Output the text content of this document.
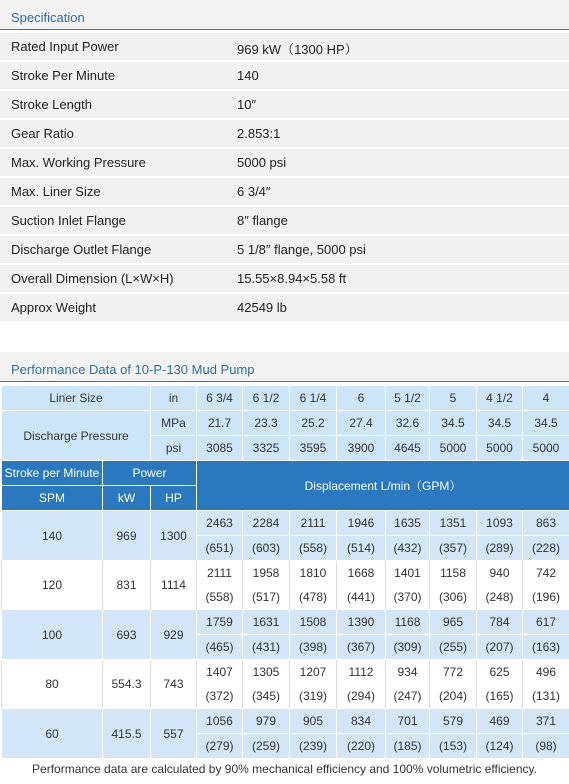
Specification
Rated Input Power	969 kW（1300 HP）
Stroke Per Minute	140
Stroke Length	10″
Gear Ratio	2.853:1
Max. Working Pressure	5000 psi
Max. Liner Size	6 3/4″
Suction Inlet Flange	8″ flange
Discharge Outlet Flange	5 1/8″ flange, 5000 psi
Overall Dimension (L×W×H)	15.55×8.94×5.58 ft
Approx Weight	42549 lb
Performance Data of 10-P-130 Mud Pump
Liner Size		in	6 3/4	6 1/2	6 1/4	6	5 1/2	5	4 1/2	4
Discharge Pressure		MPa	21.7	23.3	25.2	27.4	32.6	34.5	34.5	34.5
		psi	3085	3325	3595	3900	4645	5000	5000	5000
Stroke per Minute	Power		Displacement L/min（GPM）							
SPM	kW	HP								
140	969	1300	2463	2284	2111	1946	1635	1351	1093	863
			(651)	(603)	(558)	(514)	(432)	(357)	(289)	(228)
120	831	1114	2111	1958	1810	1668	1401	1158	940	742
			(558)	(517)	(478)	(441)	(370)	(306)	(248)	(196)
100	693	929	1759	1631	1508	1390	1168	965	784	617
			(465)	(431)	(398)	(367)	(309)	(255)	(207)	(163)
80	554.3	743	1407	1305	1207	1112	934	772	625	496
			(372)	(345)	(319)	(294)	(247)	(204)	(165)	(131)
60	415.5	557	1056	979	905	834	701	579	469	371
			(279)	(259)	(239)	(220)	(185)	(153)	(124)	(98)
Performance data are calculated by 90% mechanical efficiency and 100% volumetric efficiency.
